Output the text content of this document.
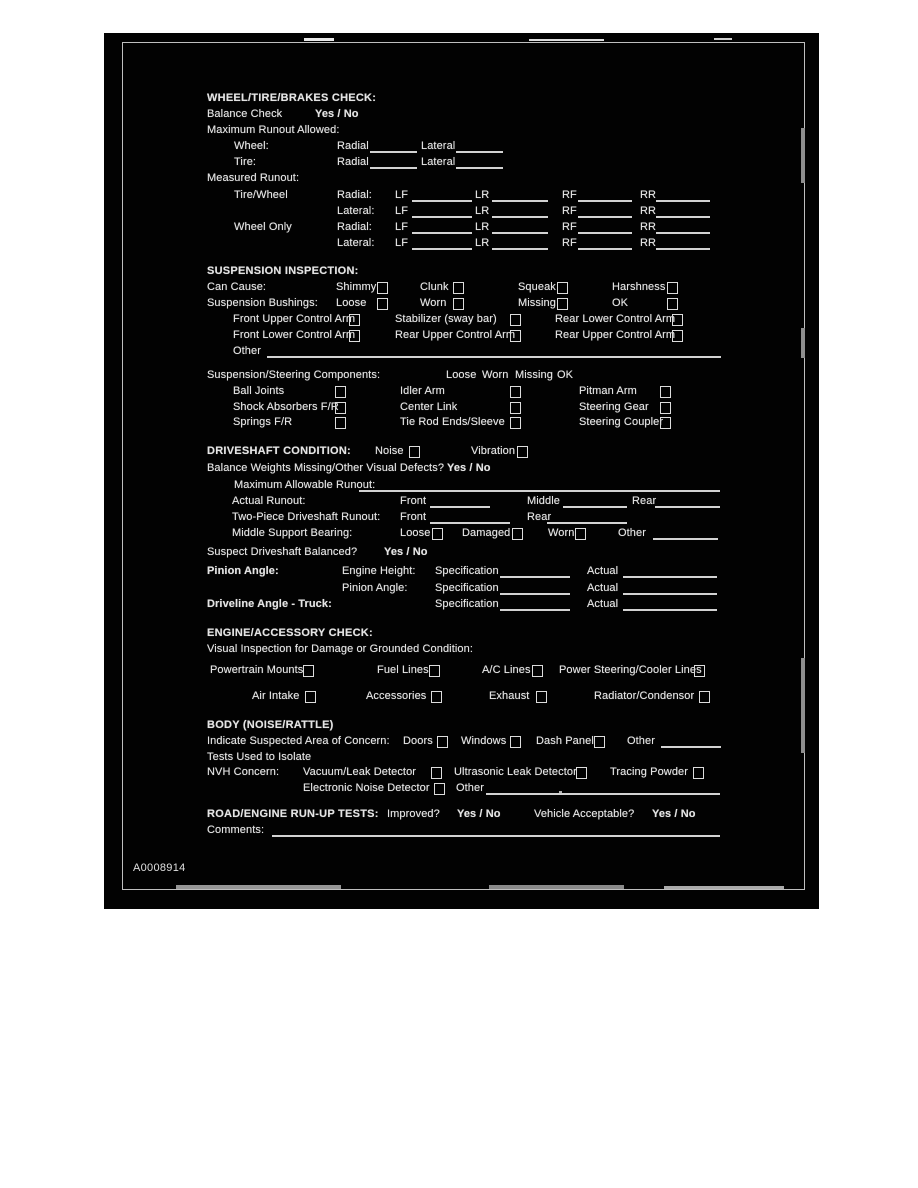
WHEEL/TIRE/BRAKES CHECK:
Balance Check	Yes / No
Maximum Runout Allowed:
Wheel:	Radial	Lateral
Tire:	Radial	Lateral
Measured Runout:
Tire/Wheel	Radial: LF	LR	RF	RR
Lateral: LF	LR	RF	RR
Wheel Only	Radial: LF	LR	RF	RR
Lateral: LF	LR	RF	RR
SUSPENSION INSPECTION:
Can Cause:	Shimmy	Clunk	Squeak	Harshness
Suspension Bushings: Loose	Worn	Missing	OK
Front Upper Control Arm	Stabilizer (sway bar)	Rear Lower Control Arm
Front Lower Control Arm	Rear Upper Control Arm	Rear Upper Control Arm
Other
Suspension/Steering Components:	Loose Worn Missing OK
Ball Joints	Idler Arm	Pitman Arm
Shock Absorbers F/R	Center Link	Steering Gear
Springs F/R	Tie Rod Ends/Sleeve	Steering Coupler
DRIVESHAFT CONDITION: Noise	Vibration
Balance Weights Missing/Other Visual Defects? Yes / No
Maximum Allowable Runout:
Actual Runout:	Front	Middle	Rear
Two-Piece Driveshaft Runout: Front	Rear
Middle Support Bearing:	Loose	Damaged	Worn	Other
Suspect Driveshaft Balanced? Yes / No
Pinion Angle:	Engine Height: Specification	Actual
Pinion Angle: Specification	Actual
Driveline Angle - Truck:	Specification	Actual
ENGINE/ACCESSORY CHECK:
Visual Inspection for Damage or Grounded Condition:
Powertrain Mounts	Fuel Lines	A/C Lines	Power Steering/Cooler Lines
Air Intake	Accessories	Exhaust	Radiator/Condensor
BODY (NOISE/RATTLE)
Indicate Suspected Area of Concern: Doors	Windows	Dash Panel	Other
Tests Used to Isolate
NVH Concern: Vacuum/Leak Detector	Ultrasonic Leak Detector	Tracing Powder
Electronic Noise Detector Other
ROAD/ENGINE RUN-UP TESTS: Improved? Yes / No	Vehicle Acceptable? Yes / No
Comments:
A0008914
